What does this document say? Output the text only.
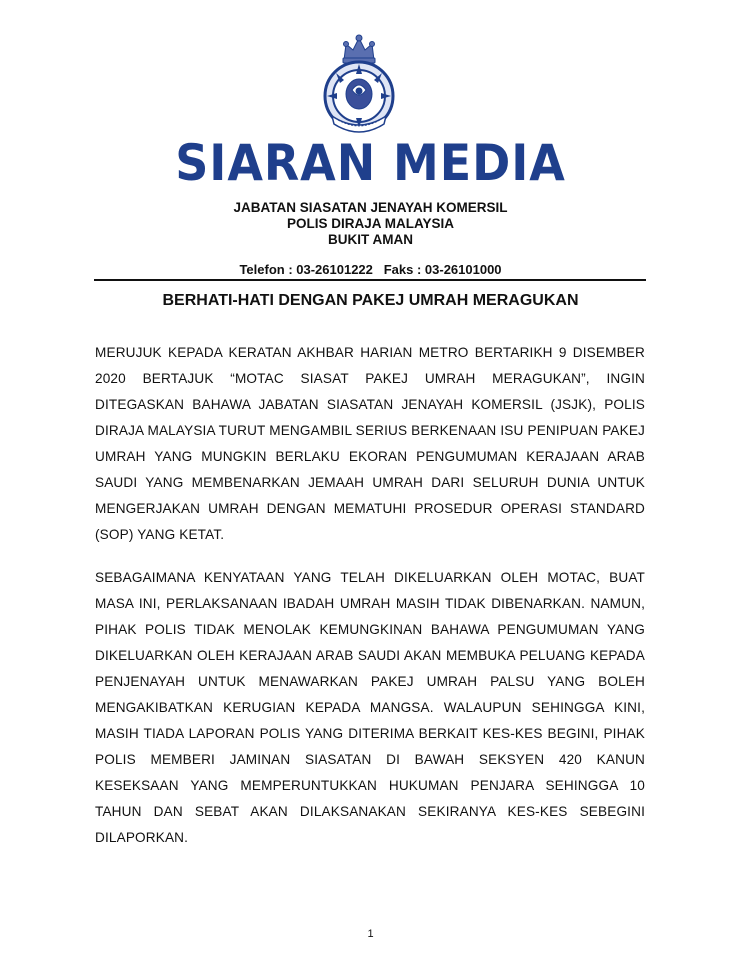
SIARAN MEDIA
JABATAN SIASATAN JENAYAH KOMERSIL
POLIS DIRAJA MALAYSIA
BUKIT AMAN
Telefon : 03-26101222   Faks : 03-26101000
BERHATI-HATI DENGAN PAKEJ UMRAH MERAGUKAN

MERUJUK KEPADA KERATAN AKHBAR HARIAN METRO BERTARIKH 9 DISEMBER 2020 BERTAJUK “MOTAC SIASAT PAKEJ UMRAH MERAGUKAN”, INGIN DITEGASKAN BAHAWA JABATAN SIASATAN JENAYAH KOMERSIL (JSJK), POLIS DIRAJA MALAYSIA TURUT MENGAMBIL SERIUS BERKENAAN ISU PENIPUAN PAKEJ UMRAH YANG MUNGKIN BERLAKU EKORAN PENGUMUMAN KERAJAAN ARAB SAUDI YANG MEMBENARKAN JEMAAH UMRAH DARI SELURUH DUNIA UNTUK MENGERJAKAN UMRAH DENGAN MEMATUHI PROSEDUR OPERASI STANDARD (SOP) YANG KETAT.

SEBAGAIMANA KENYATAAN YANG TELAH DIKELUARKAN OLEH MOTAC, BUAT MASA INI, PERLAKSANAAN IBADAH UMRAH MASIH TIDAK DIBENARKAN. NAMUN, PIHAK POLIS TIDAK MENOLAK KEMUNGKINAN BAHAWA PENGUMUMAN YANG DIKELUARKAN OLEH KERAJAAN ARAB SAUDI AKAN MEMBUKA PELUANG KEPADA PENJENAYAH UNTUK MENAWARKAN PAKEJ UMRAH PALSU YANG BOLEH MENGAKIBATKAN KERUGIAN KEPADA MANGSA. WALAUPUN SEHINGGA KINI, MASIH TIADA LAPORAN POLIS YANG DITERIMA BERKAIT KES-KES BEGINI, PIHAK POLIS MEMBERI JAMINAN SIASATAN DI BAWAH SEKSYEN 420 KANUN KESEKSAAN YANG MEMPERUNTUKKAN HUKUMAN PENJARA SEHINGGA 10 TAHUN DAN SEBAT AKAN DILAKSANAKAN SEKIRANYA KES-KES SEBEGINI DILAPORKAN.

1
